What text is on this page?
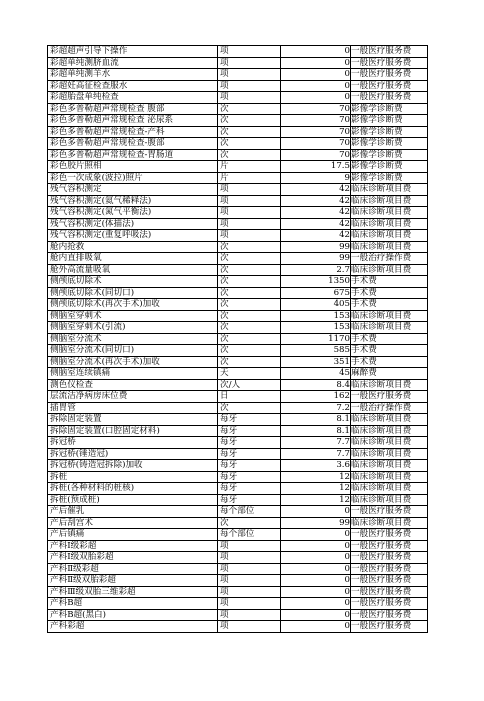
彩超超声引导下操作	项	0	一般医疗服务费
彩超单纯测脐血流	项	0	一般医疗服务费
彩超单纯测羊水	项	0	一般医疗服务费
彩超妊高征检查服水	项	0	一般医疗服务费
彩超胎盘单纯检查	项	0	一般医疗服务费
彩色多普勒超声常规检查 腹部	次	70	影像学诊断费
彩色多普勒超声常规检查 泌尿系	次	70	影像学诊断费
彩色多普勒超声常规检查-产科	次	70	影像学诊断费
彩色多普勒超声常规检查-腹部	次	70	影像学诊断费
彩色多普勒超声常规检查-胃肠道	次	70	影像学诊断费
彩色胶片照相	片	17.5	影像学诊断费
彩色一次成象(波拉)照片	片	9	影像学诊断费
残气容积测定	项	42	临床诊断项目费
残气容积测定(氦气稀释法)	项	42	临床诊断项目费
残气容积测定(氮气平衡法)	项	42	临床诊断项目费
残气容积测定(体描法)	项	42	临床诊断项目费
残气容积测定(重复呼吸法)	项	42	临床诊断项目费
舱内抢救	次	99	临床诊断项目费
舱内直排吸氧	次	99	一般治疗操作费
舱外高流量吸氧	次	2.7	临床诊断项目费
侧颅底切除术	次	1350	手术费
侧颅底切除术(同切口)	次	675	手术费
侧颅底切除术(再次手术)加收	次	405	手术费
侧脑室穿刺术	次	153	临床诊断项目费
侧脑室穿刺术(引流)	次	153	临床诊断项目费
侧脑室分流术	次	1170	手术费
侧脑室分流术(同切口)	次	585	手术费
侧脑室分流术(再次手术)加收	次	351	手术费
侧脑室连续镇痛	天	45	麻醉费
测色仪检查	次/人	8.4	临床诊断项目费
层流洁净病房床位费	日	162	一般医疗服务费
插胃管	次	7.2	一般治疗操作费
拆除固定装置	每牙	8.1	临床诊断项目费
拆除固定装置(口腔固定材料)	每牙	8.1	临床诊断项目费
拆冠桥	每牙	7.7	临床诊断项目费
拆冠桥(锤造冠)	每牙	7.7	临床诊断项目费
拆冠桥(铸造冠拆除)加收	每牙	3.6	临床诊断项目费
拆桩	每牙	12	临床诊断项目费
拆桩(各种材料的桩核)	每牙	12	临床诊断项目费
拆桩(预成桩)	每牙	12	临床诊断项目费
产后催乳	每个部位	0	一般医疗服务费
产后刮宫术	次	99	临床诊断项目费
产后镇痛	每个部位	0	一般医疗服务费
产科Ⅰ级彩超	项	0	一般医疗服务费
产科Ⅰ级双胎彩超	项	0	一般医疗服务费
产科Ⅱ级彩超	项	0	一般医疗服务费
产科Ⅱ级双胎彩超	项	0	一般医疗服务费
产科Ⅲ级双胎三维彩超	项	0	一般医疗服务费
产科B超	项	0	一般医疗服务费
产科B超(黑白)	项	0	一般医疗服务费
产科彩超	项	0	一般医疗服务费
